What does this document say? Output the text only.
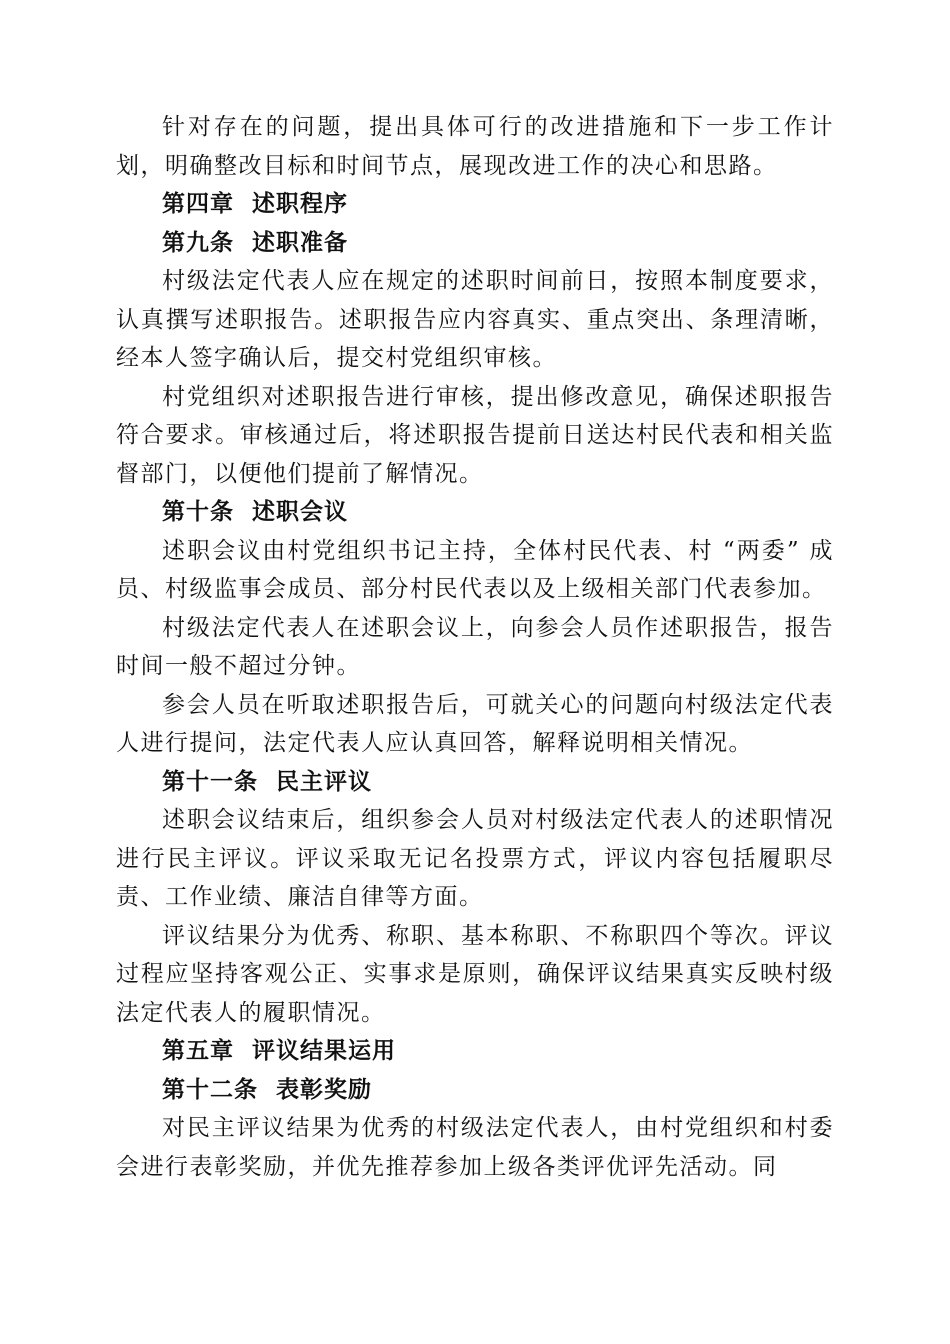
针对存在的问题，提出具体可行的改进措施和下一步工作计划，明确整改目标和时间节点，展现改进工作的决心和思路。

第四章  述职程序

第九条  述职准备

村级法定代表人应在规定的述职时间前日，按照本制度要求，认真撰写述职报告。述职报告应内容真实、重点突出、条理清晰，经本人签字确认后，提交村党组织审核。

村党组织对述职报告进行审核，提出修改意见，确保述职报告符合要求。审核通过后，将述职报告提前日送达村民代表和相关监督部门，以便他们提前了解情况。

第十条  述职会议

述职会议由村党组织书记主持，全体村民代表、村 “两委” 成员、村级监事会成员、部分村民代表以及上级相关部门代表参加。

村级法定代表人在述职会议上，向参会人员作述职报告，报告时间一般不超过分钟。

参会人员在听取述职报告后，可就关心的问题向村级法定代表人进行提问，法定代表人应认真回答，解释说明相关情况。

第十一条  民主评议

述职会议结束后，组织参会人员对村级法定代表人的述职情况进行民主评议。评议采取无记名投票方式，评议内容包括履职尽责、工作业绩、廉洁自律等方面。

评议结果分为优秀、称职、基本称职、不称职四个等次。评议过程应坚持客观公正、实事求是原则，确保评议结果真实反映村级法定代表人的履职情况。

第五章  评议结果运用

第十二条  表彰奖励

对民主评议结果为优秀的村级法定代表人，由村党组织和村委会进行表彰奖励，并优先推荐参加上级各类评优评先活动。同
